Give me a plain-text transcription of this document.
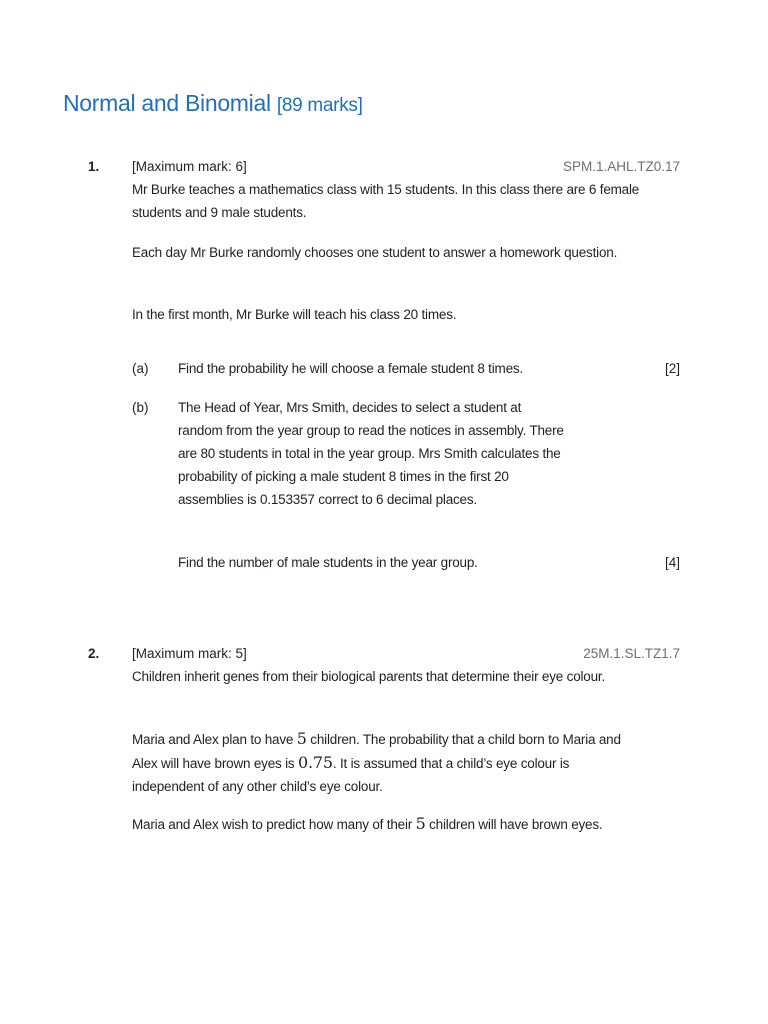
Normal and Binomial [89 marks]
1. [Maximum mark: 6]	SPM.1.AHL.TZ0.17

Mr Burke teaches a mathematics class with 15 students. In this class there are 6 female students and 9 male students.

Each day Mr Burke randomly chooses one student to answer a homework question.

In the first month, Mr Burke will teach his class 20 times.

(a) Find the probability he will choose a female student 8 times.	[2]
(b) The Head of Year, Mrs Smith, decides to select a student at random from the year group to read the notices in assembly. There are 80 students in total in the year group. Mrs Smith calculates the probability of picking a male student 8 times in the first 20 assemblies is 0.153357 correct to 6 decimal places.

Find the number of male students in the year group.	[4]
2. [Maximum mark: 5]	25M.1.SL.TZ1.7

Children inherit genes from their biological parents that determine their eye colour.

Maria and Alex plan to have 5 children. The probability that a child born to Maria and Alex will have brown eyes is 0.75. It is assumed that a child’s eye colour is independent of any other child’s eye colour.

Maria and Alex wish to predict how many of their 5 children will have brown eyes.
